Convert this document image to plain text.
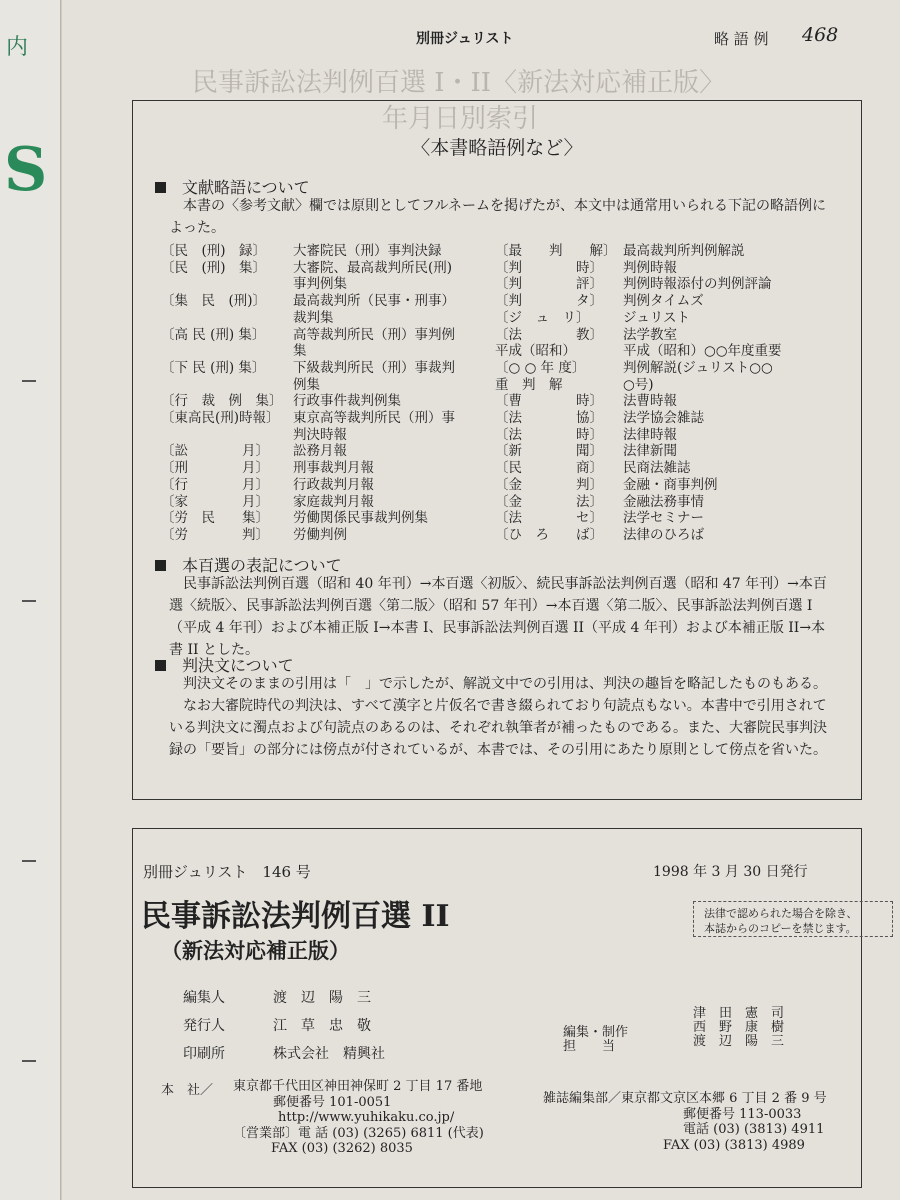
内
S
別冊ジュリスト	略 語 例 468
民事訴訟法判例百選 I・II〈新法対応補正版〉
年月日別索引
〈本書略語例など〉
文献略語について

本書の〈参考文献〉欄では原則としてフルネームを掲げたが、本文中は通常用いられる下記の略語例によった。

〔民　(刑)　録〕 大審院民（刑）事判決録
〔民　(刑)　集〕 大審院、最高裁判所民(刑)
事判例集
〔集　民　(刑)〕 最高裁判所（民事・刑事）
裁判集
〔高 民 (刑) 集〕 高等裁判所民（刑）事判例
集
〔下 民 (刑) 集〕 下級裁判所民（刑）事裁判
例集
〔行　裁　例　集〕 行政事件裁判例集
〔東高民(刑)時報〕 東京高等裁判所民（刑）事
判決時報
〔訟　　　　月〕 訟務月報
〔刑　　　　月〕 刑事裁判月報
〔行　　　　月〕 行政裁判月報
〔家　　　　月〕 家庭裁判月報
〔労　民　　集〕 労働関係民事裁判例集
〔労　　　　判〕 労働判例
〔最　　判　　解〕 最高裁判所判例解説
〔判　　　　時〕 判例時報
〔判　　　　評〕 判例時報添付の判例評論
〔判　　　　タ〕 判例タイムズ
〔ジ　ュ　リ〕 ジュリスト
〔法　　　　教〕 法学教室
平成（昭和）	平成（昭和）○○年度重要
〔○ ○ 年 度〕	判例解説(ジュリスト○○
重　判　解	○号)
〔曹　　　　時〕 法曹時報
〔法　　　　協〕 法学協会雑誌
〔法　　　　時〕 法律時報
〔新　　　　聞〕 法律新聞
〔民　　　　商〕 民商法雑誌
〔金　　　　判〕 金融・商事判例
〔金　　　　法〕 金融法務事情
〔法　　　　セ〕 法学セミナー
〔ひ　ろ　　ば〕 法律のひろば
本百選の表記について

民事訴訟法判例百選（昭和 40 年刊）→本百選〈初版〉、続民事訴訟法判例百選（昭和 47 年刊）→本百選〈続版〉、民事訴訟法判例百選〈第二版〉（昭和 57 年刊）→本百選〈第二版〉、民事訴訟法判例百選 I（平成 4 年刊）および本補正版 I→本書 I、民事訴訟法判例百選 II（平成 4 年刊）および本補正版 II→本書 II とした。

判決文について

判決文そのままの引用は「　」で示したが、解説文中での引用は、判決の趣旨を略記したものもある。

なお大審院時代の判決は、すべて漢字と片仮名で書き綴られており句読点もない。本書中で引用されている判決文に濁点および句読点のあるのは、それぞれ執筆者が補ったものである。また、大審院民事判決録の「要旨」の部分には傍点が付されているが、本書では、その引用にあたり原則として傍点を省いた。

別冊ジュリスト　146 号	1998 年 3 月 30 日発行
民事訴訟法判例百選 II
（新法対応補正版）
法律で認められた場合を除き、
本誌からのコピーを禁じます。
編集人	渡　辺　陽　三
発行人	江　草　忠　敬
印刷所	株式会社　精興社
編集・制作
担　　当
津　田　憲　司
西　野　康　樹
渡　辺　陽　三
本　社／ 東京都千代田区神田神保町 2 丁目 17 番地
郵便番号 101-0051
http://www.yuhikaku.co.jp/
〔営業部〕電 話 (03) (3265) 6811 (代表)
FAX (03) (3262) 8035
雑誌編集部／東京都文京区本郷 6 丁目 2 番 9 号
郵便番号 113-0033
電話 (03) (3813) 4911
FAX (03) (3813) 4989
